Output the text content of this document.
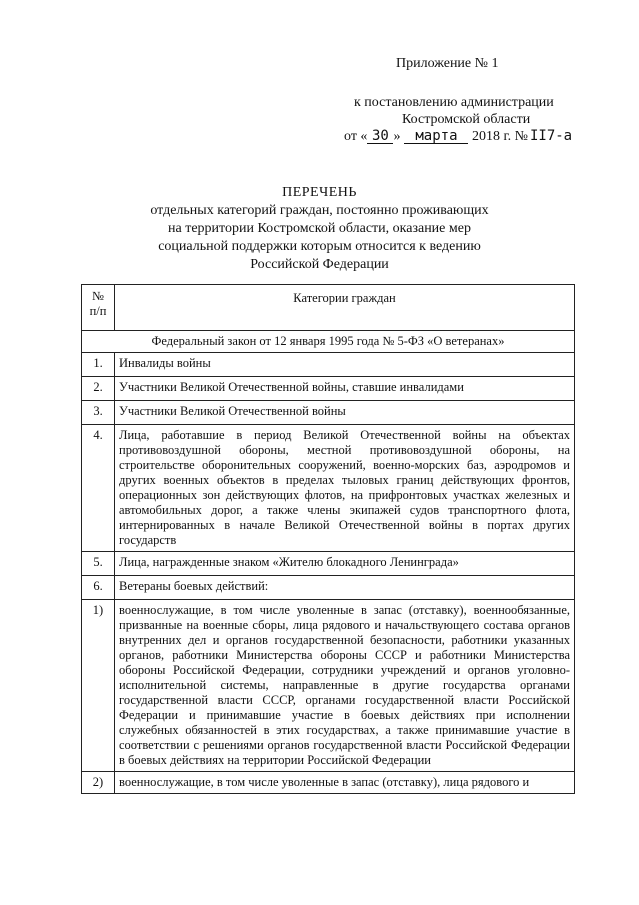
Приложение № 1
к постановлению администрации
Костромской области
от « 30 » марта 2018 г. № II7-а
ПЕРЕЧЕНЬ
отдельных категорий граждан, постоянно проживающих
на территории Костромской области, оказание мер
социальной поддержки которым относится к ведению
Российской Федерации
№ п/п	Категории граждан
Федеральный закон от 12 января 1995 года № 5-ФЗ «О ветеранах»	
1.	Инвалиды войны
2.	Участники Великой Отечественной войны, ставшие инвалидами
3.	Участники Великой Отечественной войны
4.	Лица, работавшие в период Великой Отечественной войны на объектах противовоздушной обороны, местной противовоздушной обороны, на строительстве оборонительных сооружений, военно-морских баз, аэродромов и других военных объектов в пределах тыловых границ действующих фронтов, операционных зон действующих флотов, на прифронтовых участках железных и автомобильных дорог, а также члены экипажей судов транспортного флота, интернированных в начале Великой Отечественной войны в портах других государств
5.	Лица, награжденные знаком «Жителю блокадного Ленинграда»
6.	Ветераны боевых действий:
1)	военнослужащие, в том числе уволенные в запас (отставку), военнообязанные, призванные на военные сборы, лица рядового и начальствующего состава органов внутренних дел и органов государственной безопасности, работники указанных органов, работники Министерства обороны СССР и работники Министерства обороны Российской Федерации, сотрудники учреждений и органов уголовно-исполнительной системы, направленные в другие государства органами государственной власти СССР, органами государственной власти Российской Федерации и принимавшие участие в боевых действиях при исполнении служебных обязанностей в этих государствах, а также принимавшие участие в соответствии с решениями органов государственной власти Российской Федерации в боевых действиях на территории Российской Федерации
2)	военнослужащие, в том числе уволенные в запас (отставку), лица рядового и
